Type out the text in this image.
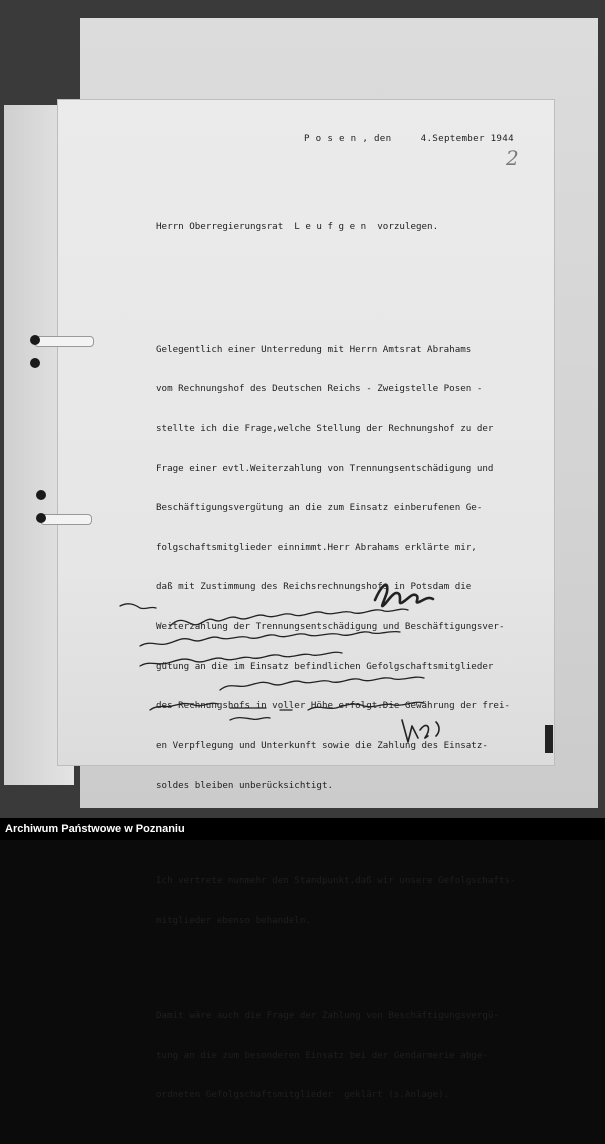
2
P o s e n , den     4.September 1944
Herrn Oberregierungsrat  L e u f g e n  vorzulegen.

Gelegentlich einer Unterredung mit Herrn Amtsrat Abrahams

vom Rechnungshof des Deutschen Reichs - Zweigstelle Posen -

stellte ich die Frage,welche Stellung der Rechnungshof zu der

Frage einer evtl.Weiterzahlung von Trennungsentschädigung und

Beschäftigungsvergütung an die zum Einsatz einberufenen Ge-

folgschaftsmitglieder einnimmt.Herr Abrahams erklärte mir,

daß mit Zustimmung des Reichsrechnungshofs in Potsdam die

Weiterzahlung der Trennungsentschädigung und Beschäftigungsver-

gütung an die im Einsatz befindlichen Gefolgschaftsmitglieder

des Rechnungshofs in voller Höhe erfolgt.Die Gewährung der frei-

en Verpflegung und Unterkunft sowie die Zahlung des Einsatz-

soldes bleiben unberücksichtigt.

Ich vertrete nunmehr den Standpunkt,daß wir unsere Gefolgschafts-

mitglieder ebenso behandeln.

Damit wäre auch die Frage der Zahlung von Beschäftigungsvergü-

tung an die zum besonderen Einsatz bei der Gendarmerie abge-

ordneten Gefolgschaftsmitglieder  geklärt (s.Anlage).

Archiwum Państwowe w Poznaniu
